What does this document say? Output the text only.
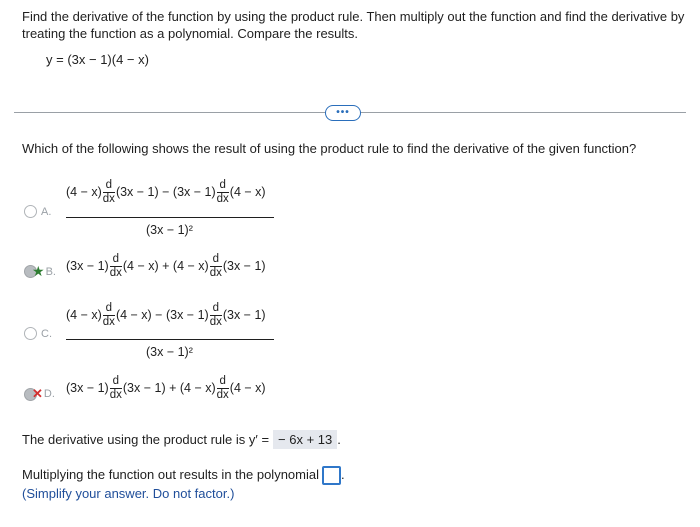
Find the derivative of the function by using the product rule. Then multiply out the function and find the derivative by treating the function as a polynomial. Compare the results.
y = (3x − 1)(4 − x)
•••
Which of the following shows the result of using the product rule to find the derivative of the given function?
A.
$(4 - x) \frac{d}{dx} (3x - 1) - (3x - 1) \frac{d}{dx} (4 - x)$
(3x − 1)²
★ B. $(3x - 1) \frac{d}{dx} (4 - x) + (4 - x) \frac{d}{dx} (3x - 1)$
C.
$(4 - x) \frac{d}{dx} (4 - x) - (3x - 1) \frac{d}{dx} (3x - 1)$
(3x − 1)²
✕ D. $(3x - 1) \frac{d}{dx} (3x - 1) + (4 - x) \frac{d}{dx} (4 - x)$
The derivative using the product rule is y′ = − 6x + 13 .
Multiplying the function out results in the polynomial .
(Simplify your answer. Do not factor.)
